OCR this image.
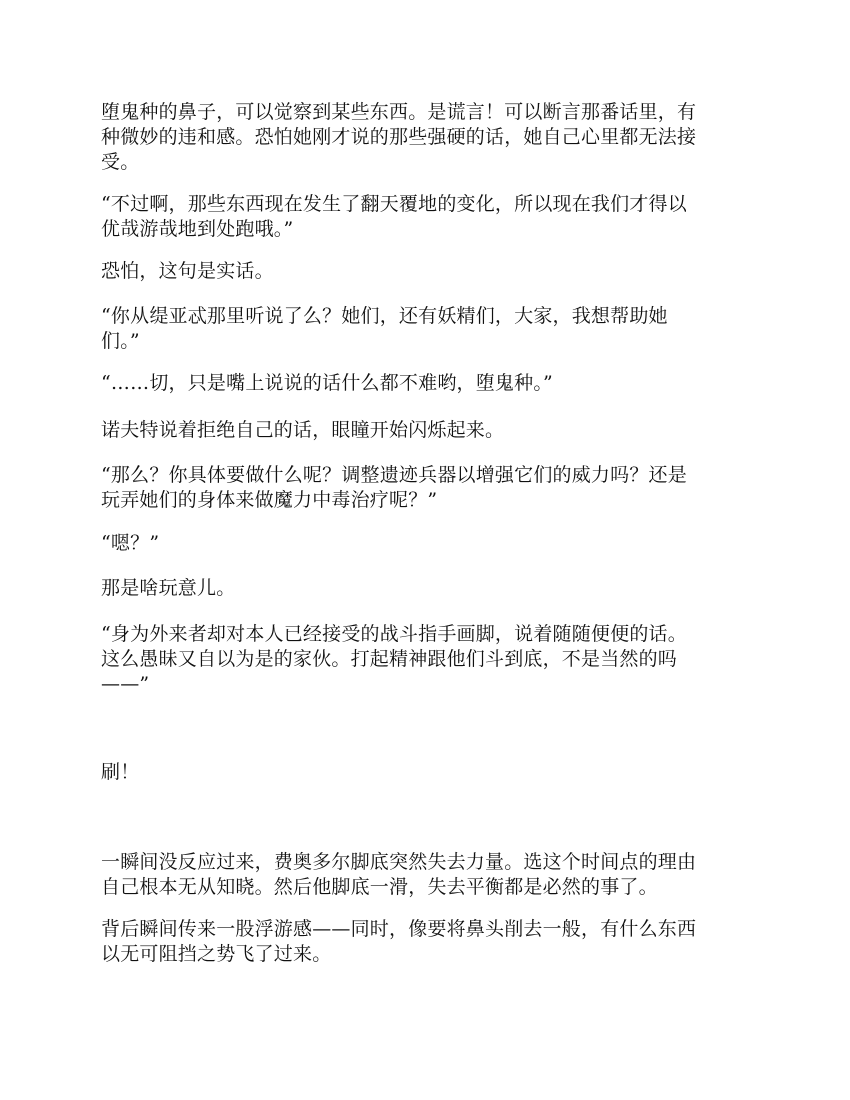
堕鬼种的鼻子，可以觉察到某些东西。是谎言！可以断言那番话里，有
种微妙的违和感。恐怕她刚才说的那些强硬的话，她自己心里都无法接
受。

“不过啊，那些东西现在发生了翻天覆地的变化，所以现在我们才得以
优哉游哉地到处跑哦。”

恐怕，这句是实话。

“你从缇亚忒那里听说了么？她们，还有妖精们，大家，我想帮助她
们。”

“……切，只是嘴上说说的话什么都不难哟，堕鬼种。”

诺夫特说着拒绝自己的话，眼瞳开始闪烁起来。

“那么？你具体要做什么呢？调整遗迹兵器以增强它们的威力吗？还是
玩弄她们的身体来做魔力中毒治疗呢？”

“嗯？”

那是啥玩意儿。

“身为外来者却对本人已经接受的战斗指手画脚，说着随随便便的话。
这么愚昧又自以为是的家伙。打起精神跟他们斗到底，不是当然的吗
——”

刷！

一瞬间没反应过来，费奥多尔脚底突然失去力量。选这个时间点的理由
自己根本无从知晓。然后他脚底一滑，失去平衡都是必然的事了。

背后瞬间传来一股浮游感——同时，像要将鼻头削去一般，有什么东西
以无可阻挡之势飞了过来。
